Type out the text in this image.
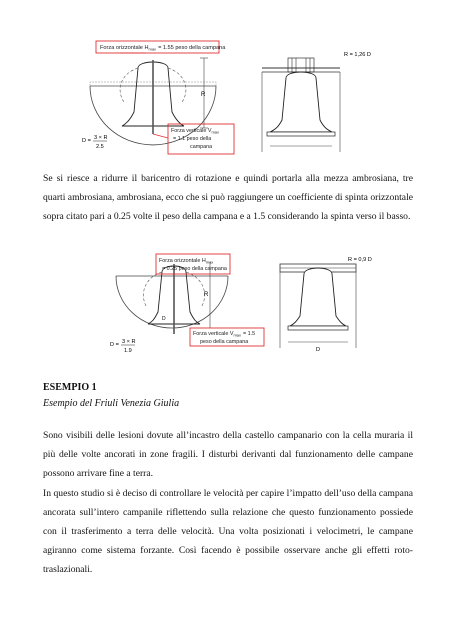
R
Forza orizzontale $H_{max} = 1.55$ peso della campana
Forza verticale $V_{max} = 1.1$ peso della campana
D = 3 × R
2.5
R = 1,26 D

Se si riesce a ridurre il baricentro di rotazione e quindi portarla alla mezza ambrosiana, tre quarti ambrosiana, ambrosiana, ecco che si può raggiungere un coefficiente di spinta orizzontale sopra citato pari a 0.25 volte il peso della campana e a 1.5 considerando la spinta verso il basso.

R
D
Forza orizzontale $H_{max} = 0.25$ peso della campana
Forza verticale $V_{max} = 1.5$ peso della campana
D = 3 × R
1.9	D
R = 0,9 D

ESEMPIO 1

Esempio del Friuli Venezia Giulia

Sono visibili delle lesioni dovute all’incastro della castello campanario con la cella muraria il più delle volte ancorati in zone fragili. I disturbi derivanti dal funzionamento delle campane possono arrivare fine a terra.

In questo studio si è deciso di controllare le velocità per capire l’impatto dell’uso della campana ancorata sull’intero campanile riflettendo sulla relazione che questo funzionamento possiede con il trasferimento a terra delle velocità. Una volta posizionati i velocimetri, le campane agiranno come sistema forzante. Così facendo è possibile osservare anche gli effetti roto-traslazionali.
